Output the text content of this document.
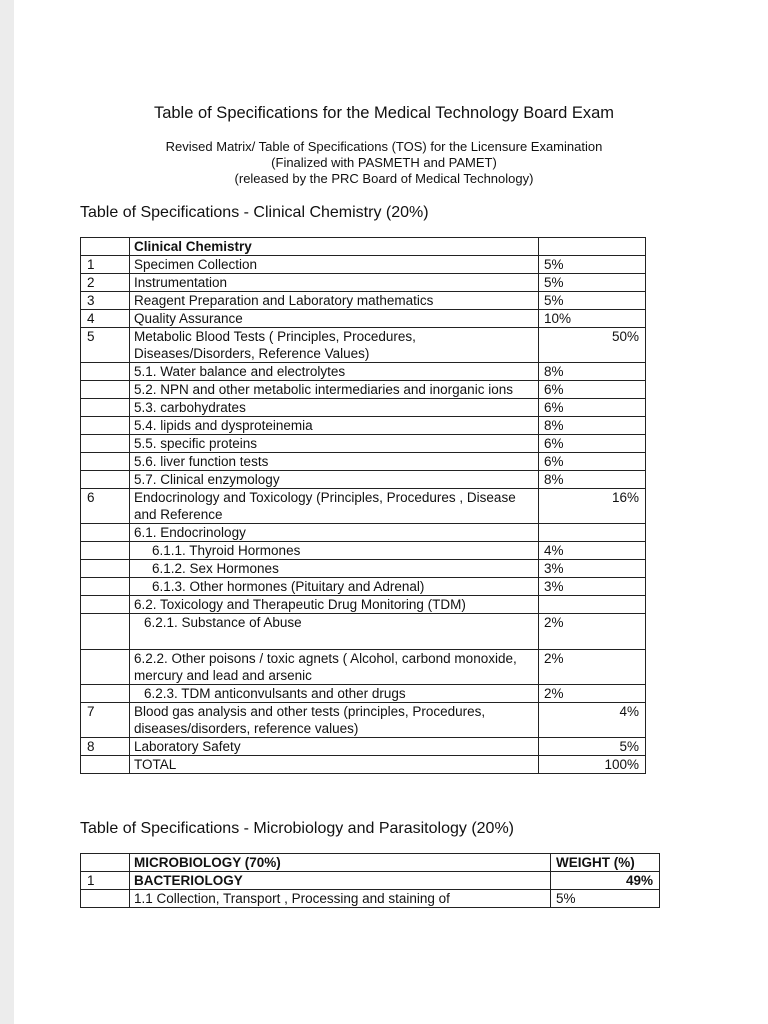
Table of Specifications for the Medical Technology Board Exam
Revised Matrix/ Table of Specifications (TOS) for the Licensure Examination
(Finalized with PASMETH and PAMET)
(released by the PRC Board of Medical Technology)
Table of Specifications - Clinical Chemistry (20%)
	Clinical Chemistry	
1	Specimen Collection	5%
2	Instrumentation	5%
3	Reagent Preparation and Laboratory mathematics	5%
4	Quality Assurance	10%
5	Metabolic Blood Tests ( Principles, Procedures, Diseases/Disorders, Reference Values)	50%
	5.1. Water balance and electrolytes	8%
	5.2. NPN and other metabolic intermediaries and inorganic ions	6%
	5.3. carbohydrates	6%
	5.4. lipids and dysproteinemia	8%
	5.5. specific proteins	6%
	5.6. liver function tests	6%
	5.7. Clinical enzymology	8%
6	Endocrinology and Toxicology (Principles, Procedures , Disease and Reference	16%
	6.1. Endocrinology	
	6.1.1. Thyroid Hormones	4%
	6.1.2. Sex Hormones	3%
	6.1.3. Other hormones (Pituitary and Adrenal)	3%
	6.2. Toxicology and Therapeutic Drug Monitoring (TDM)	
	6.2.1. Substance of Abuse	2%
	6.2.2. Other poisons / toxic agnets ( Alcohol, carbond monoxide, mercury and lead and arsenic	2%
	6.2.3. TDM anticonvulsants and other drugs	2%
7	Blood gas analysis and other tests (principles, Procedures, diseases/disorders, reference values)	4%
8	Laboratory Safety	5%
	TOTAL	100%
Table of Specifications - Microbiology and Parasitology (20%)
	MICROBIOLOGY (70%)	WEIGHT (%)
1	BACTERIOLOGY	49%
	1.1 Collection, Transport , Processing and staining of	5%
